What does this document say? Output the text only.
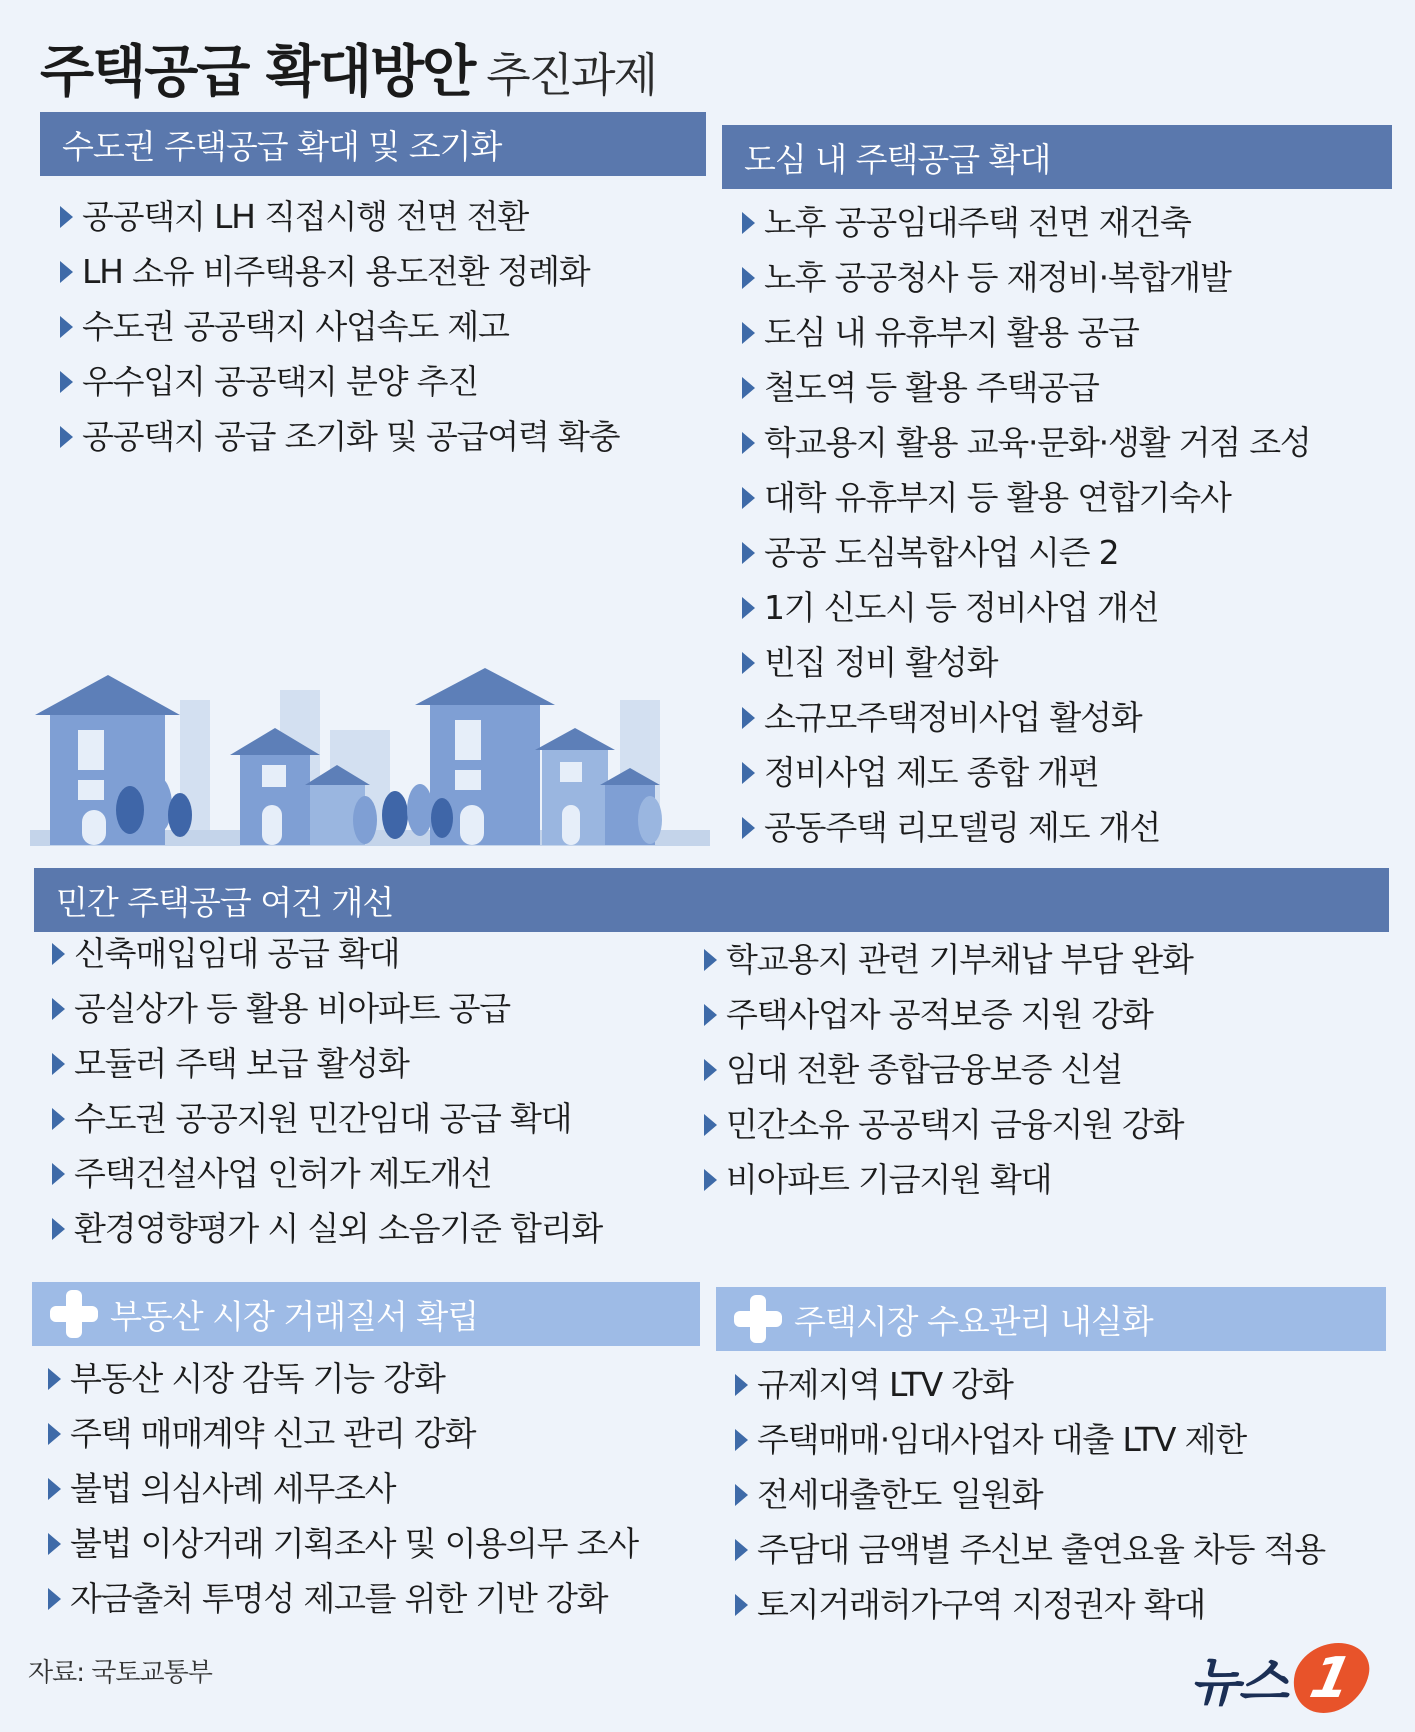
주택공급 확대방안 추진과제
수도권 주택공급 확대 및 조기화
공공택지 LH 직접시행 전면 전환
LH 소유 비주택용지 용도전환 정례화
수도권 공공택지 사업속도 제고
우수입지 공공택지 분양 추진
공공택지 공급 조기화 및 공급여력 확충
도심 내 주택공급 확대
노후 공공임대주택 전면 재건축
노후 공공청사 등 재정비·복합개발
도심 내 유휴부지 활용 공급
철도역 등 활용 주택공급
학교용지 활용 교육·문화·생활 거점 조성
대학 유휴부지 등 활용 연합기숙사
공공 도심복합사업 시즌 2
1기 신도시 등 정비사업 개선
빈집 정비 활성화
소규모주택정비사업 활성화
정비사업 제도 종합 개편
공동주택 리모델링 제도 개선
민간 주택공급 여건 개선
신축매입임대 공급 확대
공실상가 등 활용 비아파트 공급
모듈러 주택 보급 활성화
수도권 공공지원 민간임대 공급 확대
주택건설사업 인허가 제도개선
환경영향평가 시 실외 소음기준 합리화
학교용지 관련 기부채납 부담 완화
주택사업자 공적보증 지원 강화
임대 전환 종합금융보증 신설
민간소유 공공택지 금융지원 강화
비아파트 기금지원 확대
부동산 시장 거래질서 확립
부동산 시장 감독 기능 강화
주택 매매계약 신고 관리 강화
불법 의심사례 세무조사
불법 이상거래 기획조사 및 이용의무 조사
자금출처 투명성 제고를 위한 기반 강화
주택시장 수요관리 내실화
규제지역 LTV 강화
주택매매·임대사업자 대출 LTV 제한
전세대출한도 일원화
주담대 금액별 주신보 출연요율 차등 적용
토지거래허가구역 지정권자 확대
자료: 국토교통부	뉴스 1
